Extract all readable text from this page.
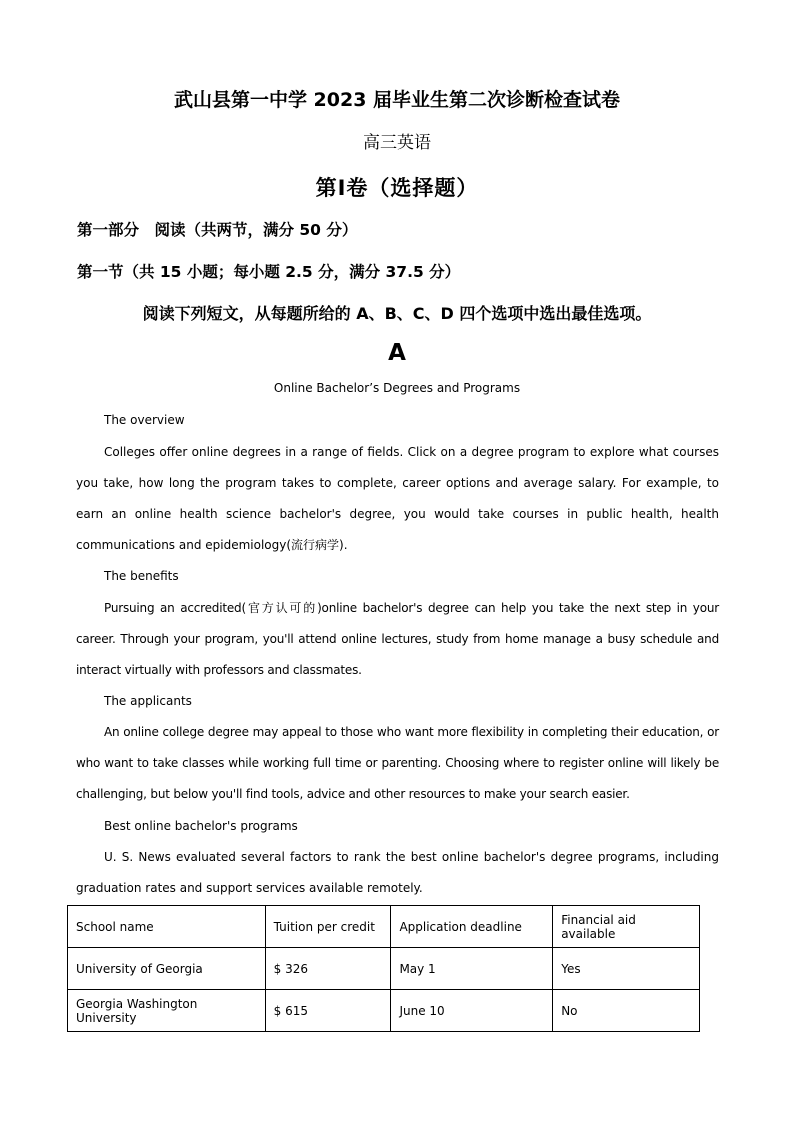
武山县第一中学 2023 届毕业生第二次诊断检查试卷
高三英语
第Ⅰ卷（选择题）
第一部分　阅读（共两节，满分 50 分）
第一节（共 15 小题；每小题 2.5 分，满分 37.5 分）
阅读下列短文，从每题所给的 A、B、C、D 四个选项中选出最佳选项。
A
Online Bachelor’s Degrees and Programs
The overview
Colleges offer online degrees in a range of fields. Click on a degree program to explore what courses you take, how long the program takes to complete, career options and average salary. For example, to earn an online health science bachelor's degree, you would take courses in public health, health communications and epidemiology(流行病学).
The benefits
Pursuing an accredited(官方认可的)online bachelor's degree can help you take the next step in your career. Through your program, you'll attend online lectures, study from home manage a busy schedule and interact virtually with professors and classmates.
The applicants
An online college degree may appeal to those who want more flexibility in completing their education, or who want to take classes while working full time or parenting. Choosing where to register online will likely be challenging, but below you'll find tools, advice and other resources to make your search easier.
Best online bachelor's programs
U. S. News evaluated several factors to rank the best online bachelor's degree programs, including graduation rates and support services available remotely.
School name	Tuition per credit	Application deadline	Financial aid available
University of Georgia	$ 326	May 1	Yes
Georgia Washington University	$ 615	June 10	No
